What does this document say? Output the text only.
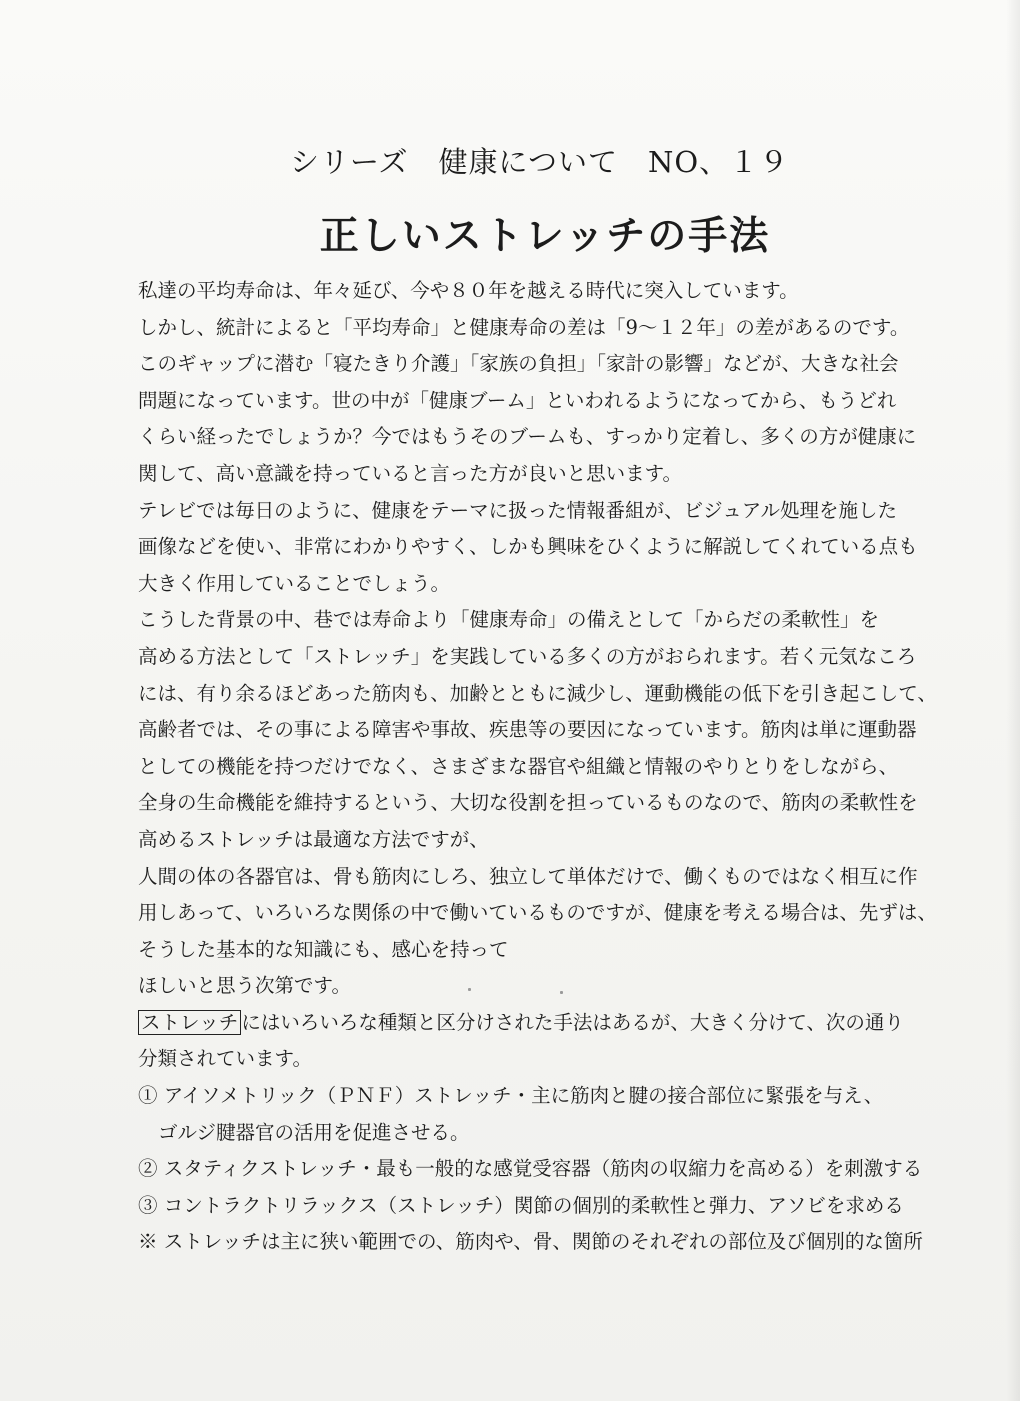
シリーズ　健康について　NO、１９
正しいストレッチの手法
私達の平均寿命は、年々延び、今や８０年を越える時代に突入しています。
しかし、統計によると「平均寿命」と健康寿命の差は「9～１２年」の差があるのです。
このギャップに潜む「寝たきり介護」「家族の負担」「家計の影響」などが、大きな社会
問題になっています。世の中が「健康ブーム」といわれるようになってから、もうどれ
くらい経ったでしょうか？今ではもうそのブームも、すっかり定着し、多くの方が健康に
関して、高い意識を持っていると言った方が良いと思います。
テレビでは毎日のように、健康をテーマに扱った情報番組が、ビジュアル処理を施した
画像などを使い、非常にわかりやすく、しかも興味をひくように解説してくれている点も
大きく作用していることでしょう。
こうした背景の中、巷では寿命より「健康寿命」の備えとして「からだの柔軟性」を
高める方法として「ストレッチ」を実践している多くの方がおられます。若く元気なころ
には、有り余るほどあった筋肉も、加齢とともに減少し、運動機能の低下を引き起こして、
高齢者では、その事による障害や事故、疾患等の要因になっています。筋肉は単に運動器
としての機能を持つだけでなく、さまざまな器官や組織と情報のやりとりをしながら、
全身の生命機能を維持するという、大切な役割を担っているものなので、筋肉の柔軟性を
高めるストレッチは最適な方法ですが、
人間の体の各器官は、骨も筋肉にしろ、独立して単体だけで、働くものではなく相互に作
用しあって、いろいろな関係の中で働いているものですが、健康を考える場合は、先ずは、
そうした基本的な知識にも、感心を持って
ほしいと思う次第です。
ストレッチ にはいろいろな種類と区分けされた手法はあるが、大きく分けて、次の通り
分類されています。
① アイソメトリック（ＰＮＦ）ストレッチ・主に筋肉と腱の接合部位に緊張を与え、
ゴルジ腱器官の活用を促進させる。
② スタティクストレッチ・最も一般的な感覚受容器（筋肉の収縮力を高める）を刺激する
③ コントラクトリラックス（ストレッチ）関節の個別的柔軟性と弾力、アソビを求める
※ ストレッチは主に狭い範囲での、筋肉や、骨、関節のそれぞれの部位及び個別的な箇所
